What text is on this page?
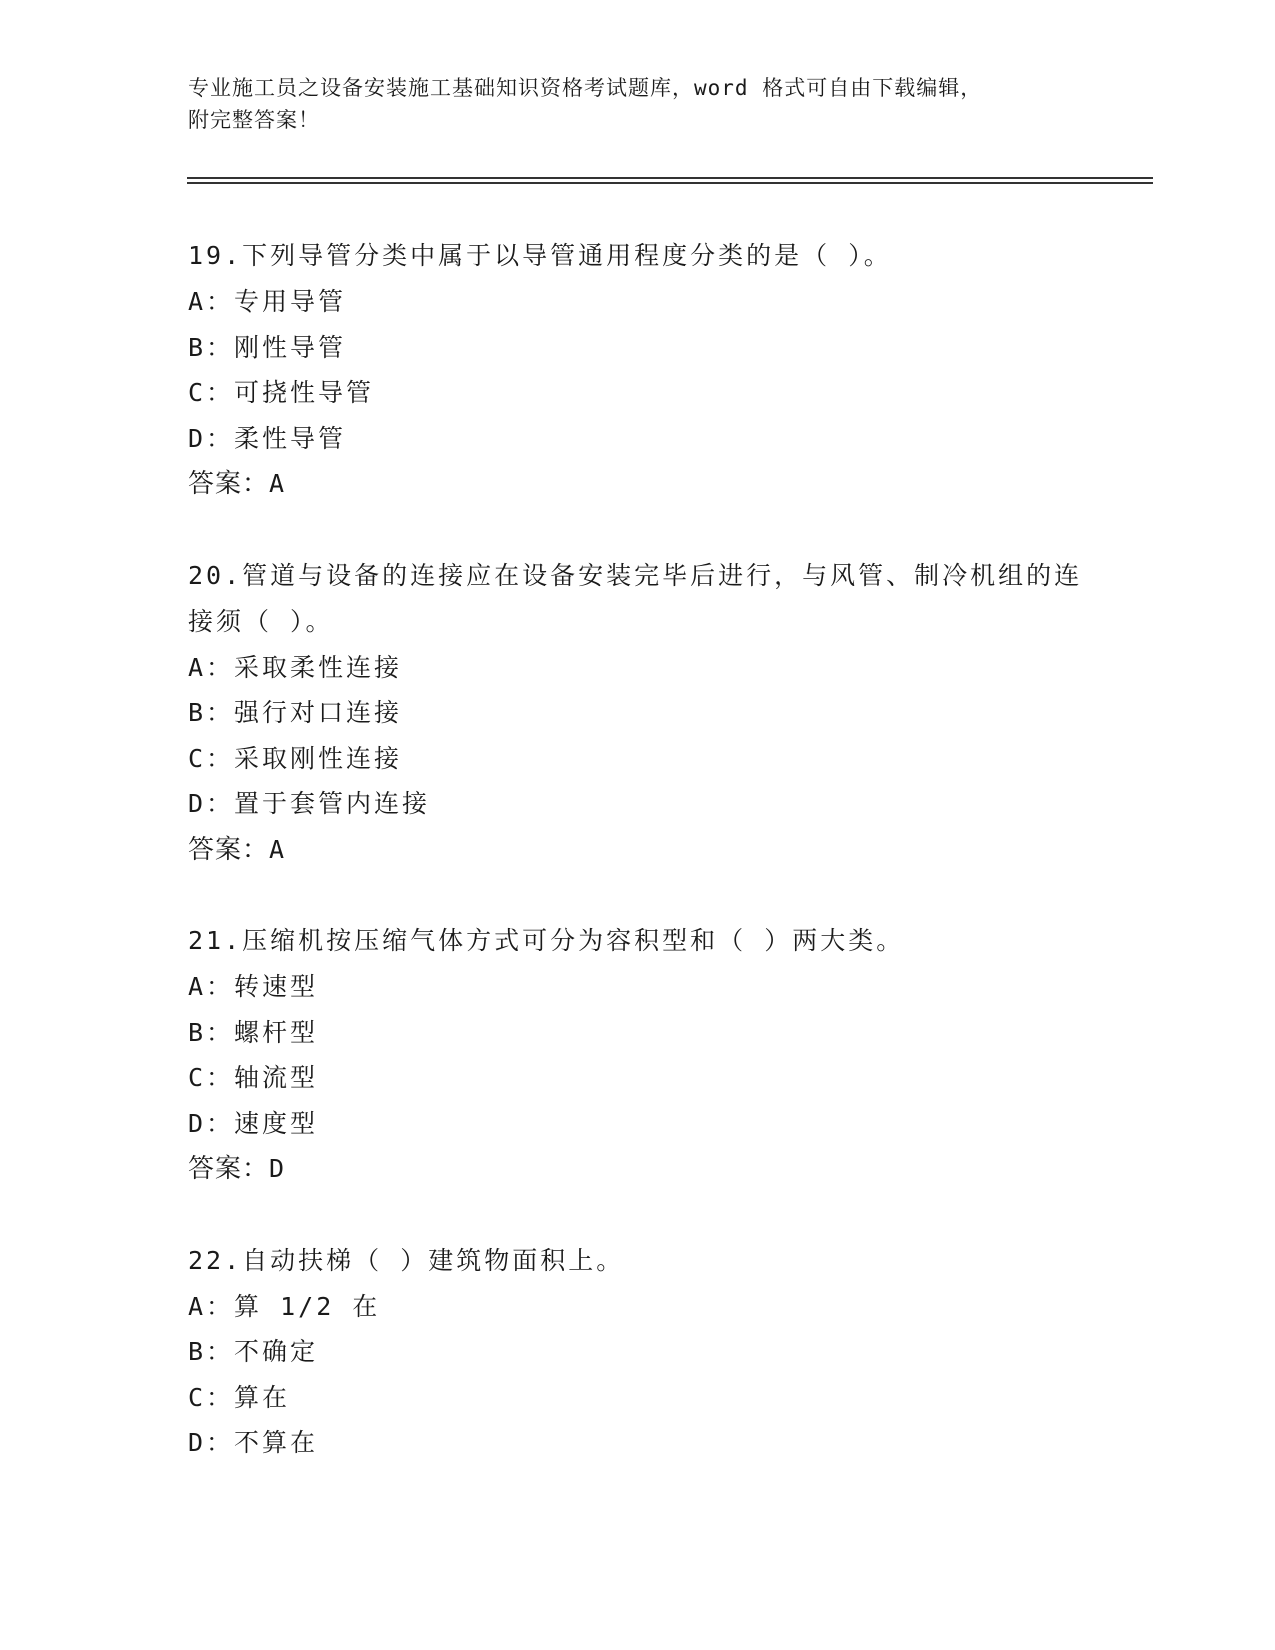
专业施工员之设备安装施工基础知识资格考试题库，word 格式可自由下载编辑，
附完整答案！
19.下列导管分类中属于以导管通用程度分类的是（ ）。
A：专用导管
B：刚性导管
C：可挠性导管
D：柔性导管
答案：A
20.管道与设备的连接应在设备安装完毕后进行，与风管、制冷机组的连接须（ ）。
A：采取柔性连接
B：强行对口连接
C：采取刚性连接
D：置于套管内连接
答案：A
21.压缩机按压缩气体方式可分为容积型和（ ）两大类。
A：转速型
B：螺杆型
C：轴流型
D：速度型
答案：D
22.自动扶梯（ ）建筑物面积上。
A：算 1/2 在
B：不确定
C：算在
D：不算在
